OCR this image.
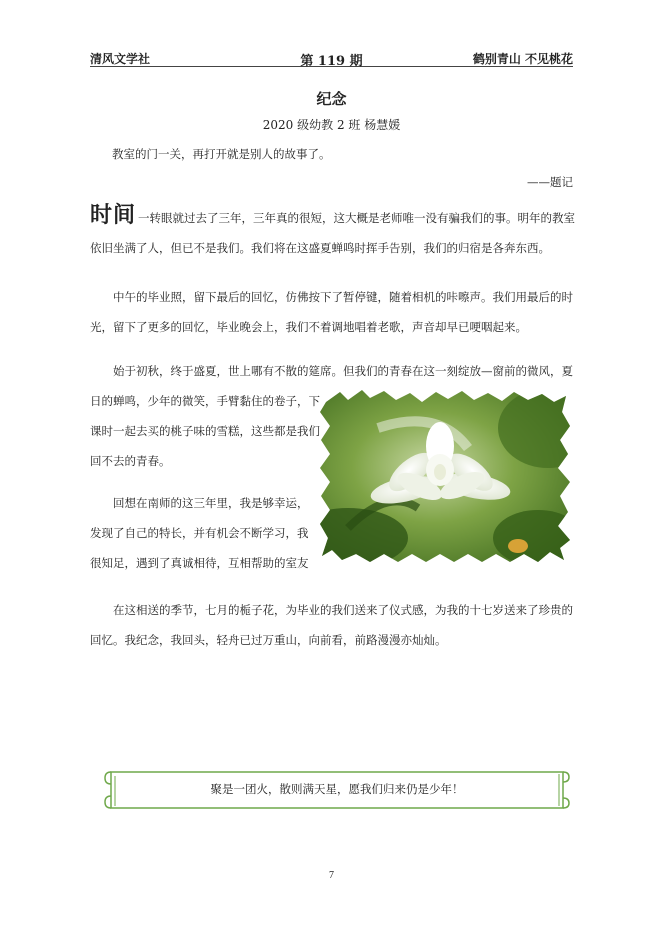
清风文学社	第 119 期	鹤别青山 不见桃花
纪念
2020 级幼教 2 班 杨慧媛
教室的门一关，再打开就是别人的故事了。
——题记
时间 一转眼就过去了三年，三年真的很短，这大概是老师唯一没有骗我们的事。明年的教室依旧坐满了人，但已不是我们。我们将在这盛夏蝉鸣时挥手告别，我们的归宿是各奔东西。
中午的毕业照，留下最后的回忆，仿佛按下了暂停键，随着相机的咔嚓声。我们用最后的时光，留下了更多的回忆，毕业晚会上，我们不着调地唱着老歌，声音却早已哽咽起来。
始于初秋，终于盛夏，世上哪有不散的筵席。但我们的青春在这一刻绽放—窗前的微风，夏
日的蝉鸣，少年的微笑，手臂黏住的卷子，下课时一起去买的桃子味的雪糕，这些都是我们回不去的青春。
回想在南师的这三年里，我是够幸运，发现了自己的特长，并有机会不断学习，我很知足，遇到了真诚相待，互相帮助的室友
在这相送的季节，七月的栀子花，为毕业的我们送来了仪式感，为我的十七岁送来了珍贵的回忆。我纪念，我回头，轻舟已过万重山，向前看，前路漫漫亦灿灿。
聚是一团火，散则满天星，愿我们归来仍是少年！
7
